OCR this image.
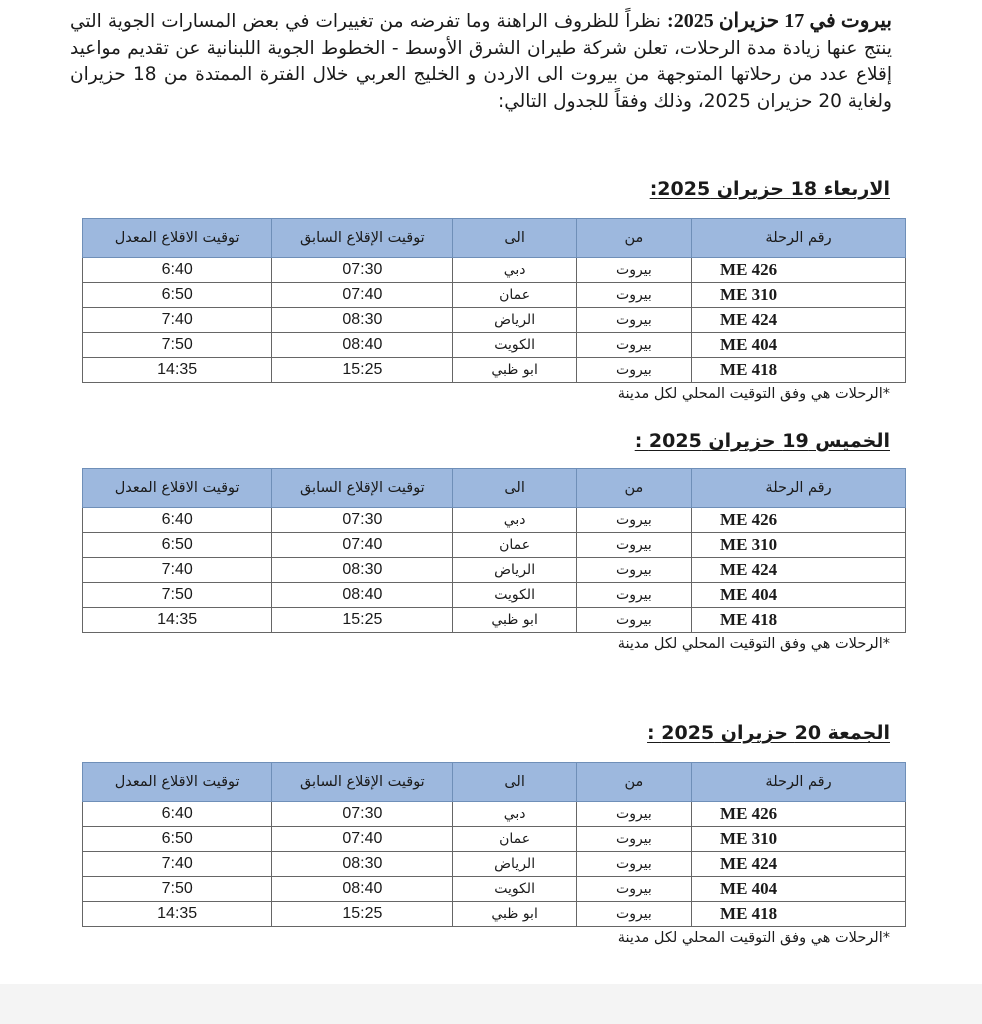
بيروت في 17 حزيران 2025: نظراً للظروف الراهنة وما تفرضه من تغييرات في بعض المسارات الجوية التي ينتج عنها زيادة مدة الرحلات، تعلن شركة طيران الشرق الأوسط - الخطوط الجوية اللبنانية عن تقديم مواعيد إقلاع عدد من رحلاتها المتوجهة من بيروت الى الاردن و الخليج العربي خلال الفترة الممتدة من 18 حزيران ولغاية 20 حزيران 2025، وذلك وفقاً للجدول التالي:
الاربعاء 18 حزيران 2025:
رقم الرحلة	من	الى	توقيت الإقلاع السابق	توقيت الاقلاع المعدل
ME 426	بيروت	دبي	07:30	6:40
ME 310	بيروت	عمان	07:40	6:50
ME 424	بيروت	الرياض	08:30	7:40
ME 404	بيروت	الكويت	08:40	7:50
ME 418	بيروت	ابو ظبي	15:25	14:35
*الرحلات هي وفق التوقيت المحلي لكل مدينة
الخميس 19 حزيران 2025 :
رقم الرحلة	من	الى	توقيت الإقلاع السابق	توقيت الاقلاع المعدل
ME 426	بيروت	دبي	07:30	6:40
ME 310	بيروت	عمان	07:40	6:50
ME 424	بيروت	الرياض	08:30	7:40
ME 404	بيروت	الكويت	08:40	7:50
ME 418	بيروت	ابو ظبي	15:25	14:35
*الرحلات هي وفق التوقيت المحلي لكل مدينة
الجمعة 20 حزيران 2025 :
رقم الرحلة	من	الى	توقيت الإقلاع السابق	توقيت الاقلاع المعدل
ME 426	بيروت	دبي	07:30	6:40
ME 310	بيروت	عمان	07:40	6:50
ME 424	بيروت	الرياض	08:30	7:40
ME 404	بيروت	الكويت	08:40	7:50
ME 418	بيروت	ابو ظبي	15:25	14:35
*الرحلات هي وفق التوقيت المحلي لكل مدينة
